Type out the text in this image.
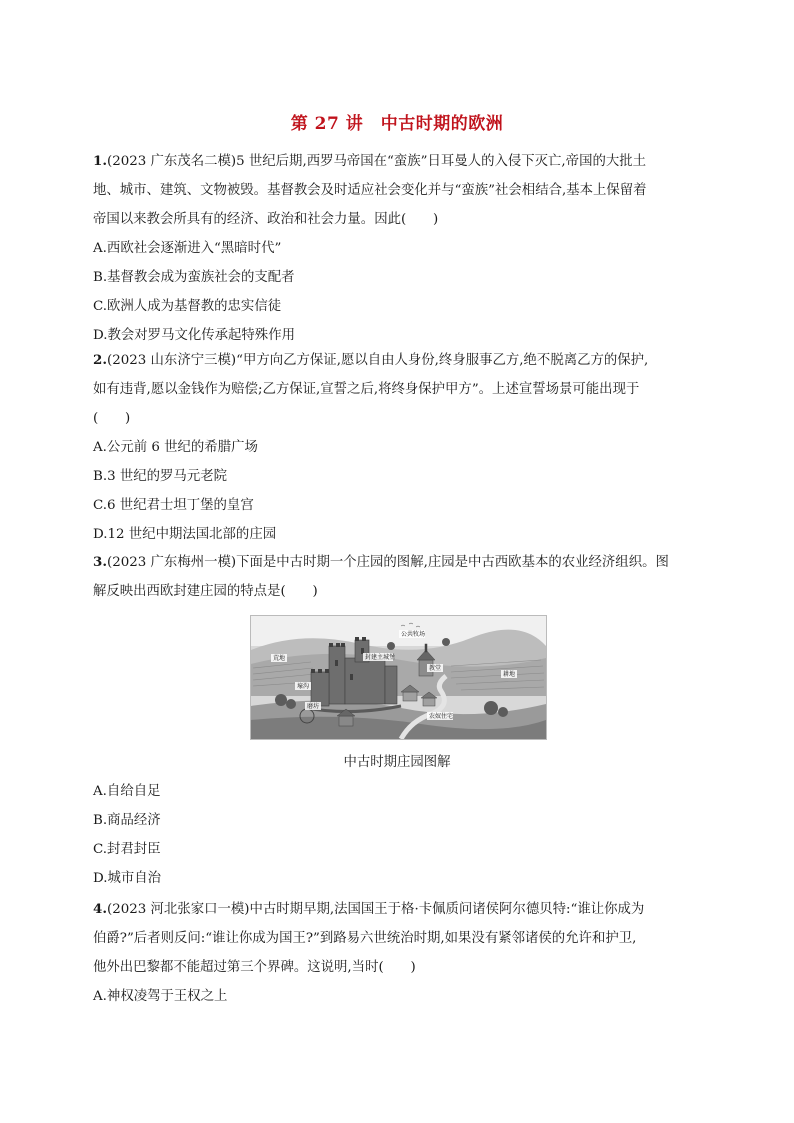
第 27 讲　中古时期的欧洲
1.(2023 广东茂名二模)5 世纪后期,西罗马帝国在“蛮族”日耳曼人的入侵下灭亡,帝国的大批土
地、城市、建筑、文物被毁。基督教会及时适应社会变化并与“蛮族”社会相结合,基本上保留着
帝国以来教会所具有的经济、政治和社会力量。因此(　　)
A.西欧社会逐渐进入“黑暗时代”
B.基督教会成为蛮族社会的支配者
C.欧洲人成为基督教的忠实信徒
D.教会对罗马文化传承起特殊作用
2.(2023 山东济宁三模)“甲方向乙方保证,愿以自由人身份,终身服事乙方,绝不脱离乙方的保护,
如有违背,愿以金钱作为赔偿;乙方保证,宣誓之后,将终身保护甲方”。上述宣誓场景可能出现于
(　　)
A.公元前 6 世纪的希腊广场
B.3 世纪的罗马元老院
C.6 世纪君士坦丁堡的皇宫
D.12 世纪中期法国北部的庄园
3.(2023 广东梅州一模)下面是中古时期一个庄园的图解,庄园是中古西欧基本的农业经济组织。图
解反映出西欧封建庄园的特点是(　　)
公共牧场
封建主城堡
荒地
教堂
耕地
壕沟
磨坊
农奴住宅
中古时期庄园图解
A.自给自足
B.商品经济
C.封君封臣
D.城市自治
4.(2023 河北张家口一模)中古时期早期,法国国王于格·卡佩质问诸侯阿尔德贝特:“谁让你成为
伯爵?”后者则反问:“谁让你成为国王?”到路易六世统治时期,如果没有紧邻诸侯的允许和护卫,
他外出巴黎都不能超过第三个界碑。这说明,当时(　　)
A.神权凌驾于王权之上
